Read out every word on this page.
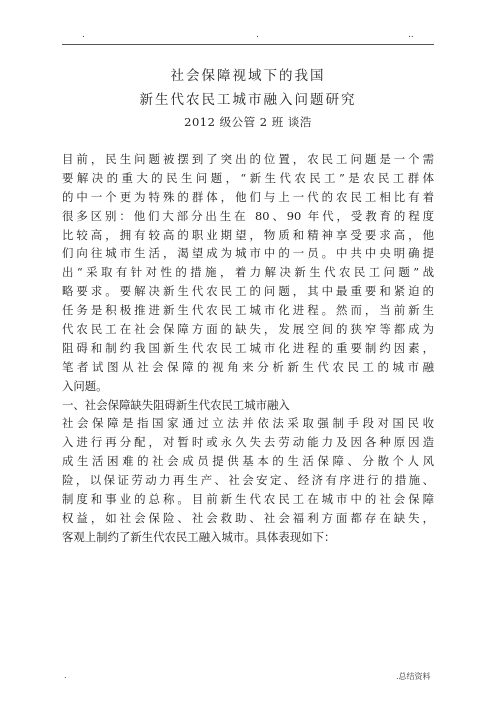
.	.	..
社会保障视域下的我国
新生代农民工城市融入问题研究
2012 级公管 2 班 谈浩
目前，民生问题被摆到了突出的位置，农民工问题是一个需
要解决的重大的民生问题，“新生代农民工”是农民工群体
的中一个更为特殊的群体，他们与上一代的农民工相比有着
很多区别：他们大部分出生在 80、90 年代，受教育的程度
比较高，拥有较高的职业期望，物质和精神享受要求高，他
们向往城市生活，渴望成为城市中的一员。中共中央明确提
出“采取有针对性的措施，着力解决新生代农民工问题”战
略要求。要解决新生代农民工的问题，其中最重要和紧迫的
任务是积极推进新生代农民工城市化进程。然而，当前新生
代农民工在社会保障方面的缺失，发展空间的狭窄等都成为
阻碍和制约我国新生代农民工城市化进程的重要制约因素，
笔者试图从社会保障的视角来分析新生代农民工的城市融
入问题。
一、社会保障缺失阻碍新生代农民工城市融入
社会保障是指国家通过立法并依法采取强制手段对国民收
入进行再分配，对暂时或永久失去劳动能力及因各种原因造
成生活困难的社会成员提供基本的生活保障、分散个人风
险，以保证劳动力再生产、社会安定、经济有序进行的措施、
制度和事业的总称。目前新生代农民工在城市中的社会保障
权益，如社会保险、社会救助、社会福利方面都存在缺失，
客观上制约了新生代农民工融入城市。具体表现如下：
.	.总结资料
